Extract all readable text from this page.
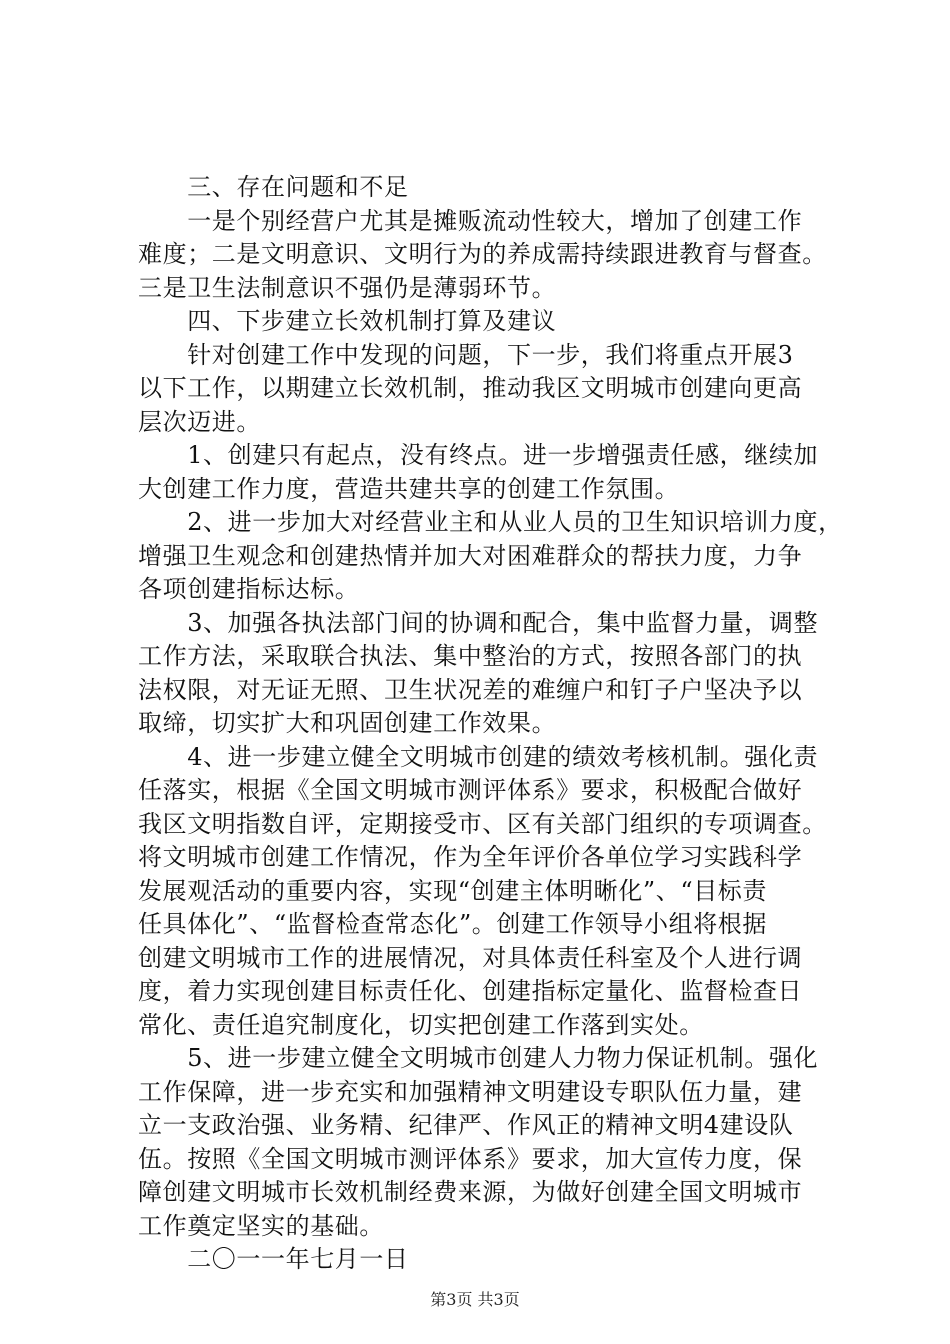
　　三、存在问题和不足
　　一是个别经营户尤其是摊贩流动性较大，增加了创建工作
难度；二是文明意识、文明行为的养成需持续跟进教育与督查。
三是卫生法制意识不强仍是薄弱环节。
　　四、下步建立长效机制打算及建议
　　针对创建工作中发现的问题，下一步，我们将重点开展3
以下工作，以期建立长效机制，推动我区文明城市创建向更高
层次迈进。
　　1、创建只有起点，没有终点。进一步增强责任感，继续加
大创建工作力度，营造共建共享的创建工作氛围。
　　2、进一步加大对经营业主和从业人员的卫生知识培训力度，
增强卫生观念和创建热情并加大对困难群众的帮扶力度，力争
各项创建指标达标。
　　3、加强各执法部门间的协调和配合，集中监督力量，调整
工作方法，采取联合执法、集中整治的方式，按照各部门的执
法权限，对无证无照、卫生状况差的难缠户和钉子户坚决予以
取缔，切实扩大和巩固创建工作效果。
　　4、进一步建立健全文明城市创建的绩效考核机制。强化责
任落实，根据《全国文明城市测评体系》要求，积极配合做好
我区文明指数自评，定期接受市、区有关部门组织的专项调查。
将文明城市创建工作情况，作为全年评价各单位学习实践科学
发展观活动的重要内容，实现“创建主体明晰化”、“目标责
任具体化”、“监督检查常态化”。创建工作领导小组将根据
创建文明城市工作的进展情况，对具体责任科室及个人进行调
度，着力实现创建目标责任化、创建指标定量化、监督检查日
常化、责任追究制度化，切实把创建工作落到实处。
　　5、进一步建立健全文明城市创建人力物力保证机制。强化
工作保障，进一步充实和加强精神文明建设专职队伍力量，建
立一支政治强、业务精、纪律严、作风正的精神文明4建设队
伍。按照《全国文明城市测评体系》要求，加大宣传力度，保
障创建文明城市长效机制经费来源，为做好创建全国文明城市
工作奠定坚实的基础。
　　二〇一一年七月一日
第3页 共3页
